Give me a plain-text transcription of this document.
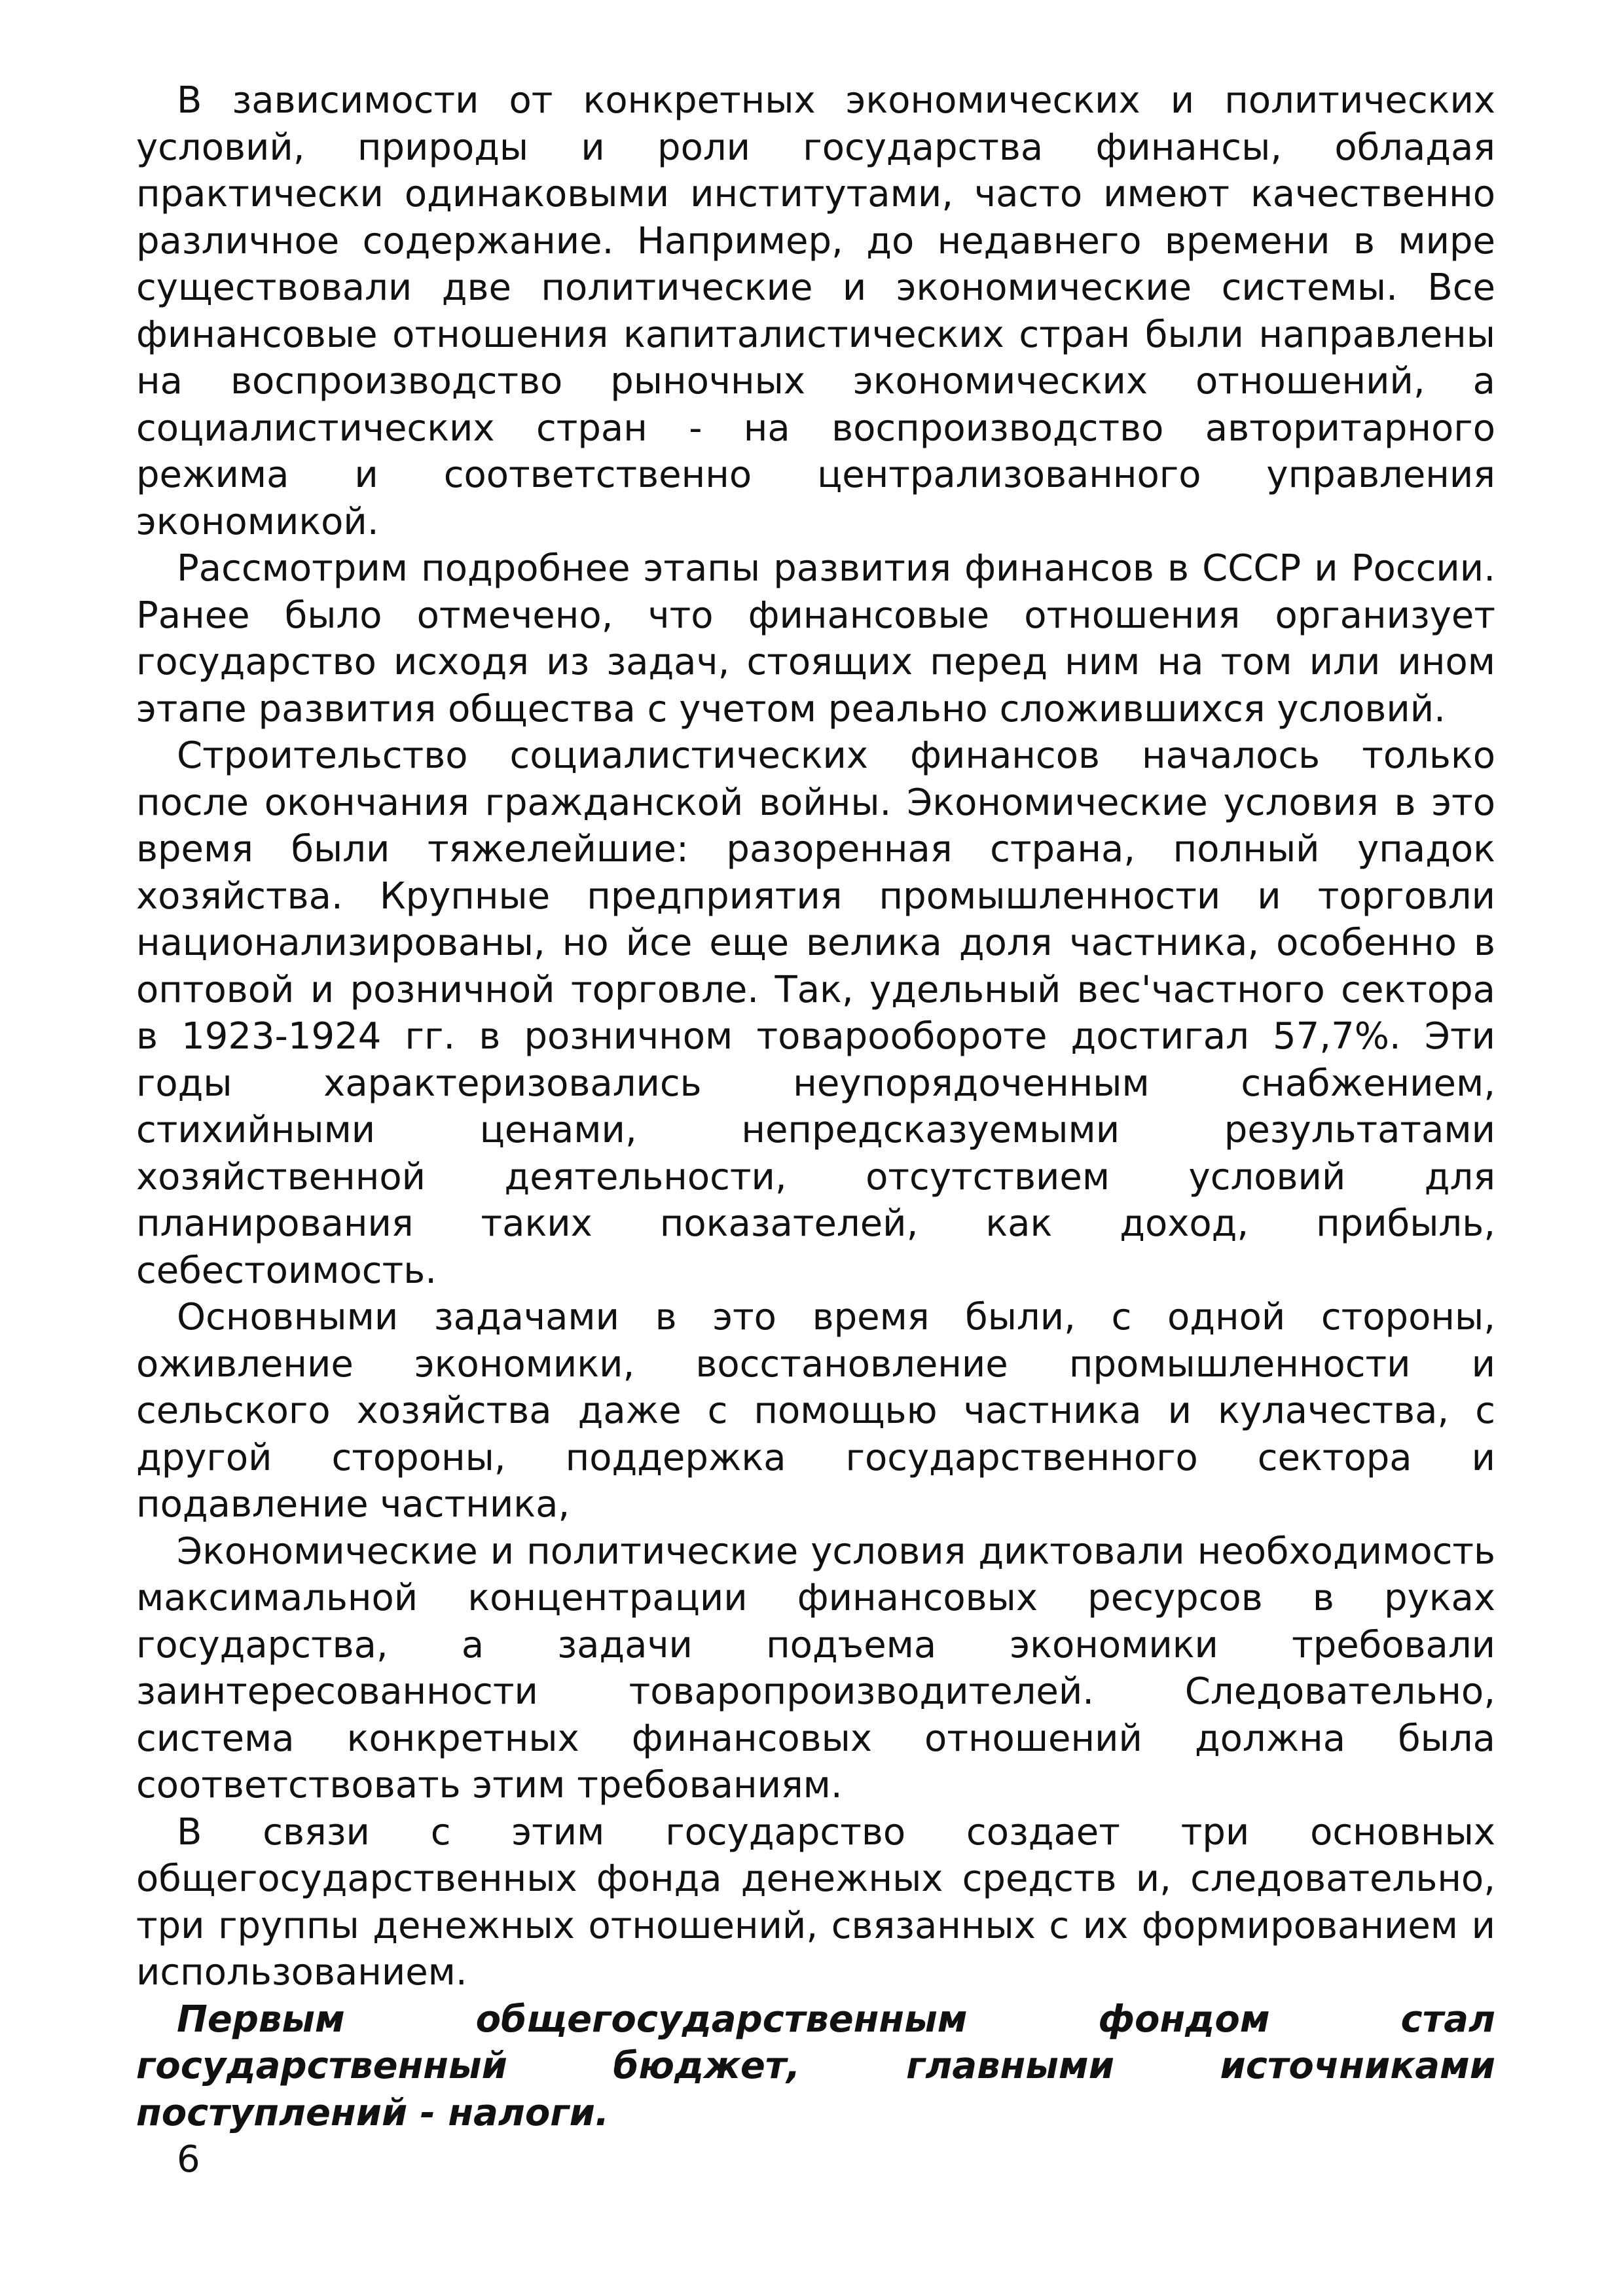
В зависимости от конкретных экономических и политических условий, природы и роли государства финансы, обладая практически одинаковыми институтами, часто имеют качественно различное содержание. Например, до недавнего времени в мире существовали две политические и экономические системы. Все финансовые отношения капиталистических стран были направлены на воспроизводство рыночных экономических отношений, а социалистических стран - на воспроизводство авторитарного режима и соответственно централизованного управления экономикой.

Рассмотрим подробнее этапы развития финансов в СССР и России. Ранее было отмечено, что финансовые отношения организует государство исходя из задач, стоящих перед ним на том или ином этапе развития общества с учетом реально сложившихся условий.

Строительство социалистических финансов началось только после окончания гражданской войны. Экономические условия в это время были тяжелейшие: разоренная страна, полный упадок хозяйства. Крупные предприятия промышленности и торговли национализированы, но йсе еще велика доля частника, особенно в оптовой и розничной торговле. Так, удельный вес'частного сектора в 1923-1924 гг. в розничном товарообороте достигал 57,7%. Эти годы характеризовались неупорядоченным снабжением, стихийными ценами, непредсказуемыми результатами хозяйственной деятельности, отсутствием условий для планирования таких показателей, как доход, прибыль, себестоимость.

Основными задачами в это время были, с одной стороны, оживление экономики, восстановление промышленности и сельского хозяйства даже с помощью частника и кулачества, с другой стороны, поддержка государственного сектора и подавление частника,

Экономические и политические условия диктовали необходимость максимальной концентрации финансовых ресурсов в руках государства, а задачи подъема экономики требовали заинтересованности товаропроизводителей. Следовательно, система конкретных финансовых отношений должна была соответствовать этим требованиям.

В связи с этим государство создает три основных общегосударственных фонда денежных средств и, следовательно, три группы денежных отношений, связанных с их формированием и использованием.

Первым общегосударственным фондом стал государственный бюджет, главными источниками поступлений - налоги.

6
